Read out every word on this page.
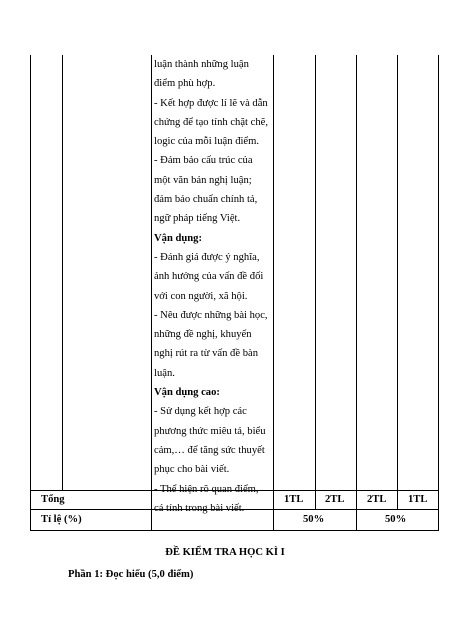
luận thành những luận

điểm phù hợp.

- Kết hợp được lí lẽ và dẫn

chứng để tạo tính chặt chẽ,

logic của mỗi luận điểm.

- Đảm bảo cấu trúc của

một văn bản nghị luận;

đảm bảo chuẩn chính tả,

ngữ pháp tiếng Việt.

Vận dụng:

- Đánh giá được ý nghĩa,

ảnh hưởng của vấn đề đối

với con người, xã hội.

- Nêu được những bài học,

những đề nghị, khuyến

nghị rút ra từ vấn đề bàn

luận.

Vận dụng cao:

- Sử dụng kết hợp các

phương thức miêu tả, biểu

cảm,… để tăng sức thuyết

phục cho bài viết.

- Thể hiện rõ quan điểm,

cá tính trong bài viết.

Tổng	1TL 2TL 2TL 1TL
Tỉ lệ (%)	50%	50%
ĐỀ KIỂM TRA HỌC KÌ I
Phần 1: Đọc hiểu (5,0 điểm)
